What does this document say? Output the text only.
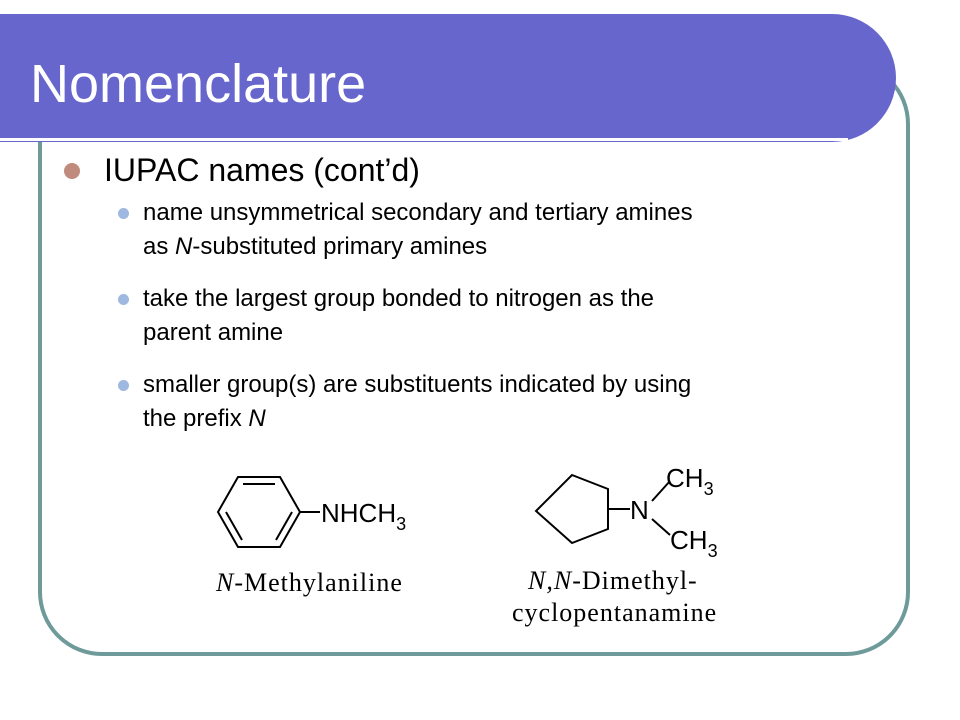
Nomenclature
IUPAC names (cont’d)
name unsymmetrical secondary and tertiary amines
as N-substituted primary amines
take the largest group bonded to nitrogen as the
parent amine
smaller group(s) are substituents indicated by using
the prefix N
$NHCH_3$
N-Methylaniline
N
$CH_3$
$CH_3$
N,N-Dimethyl-
cyclopentanamine
